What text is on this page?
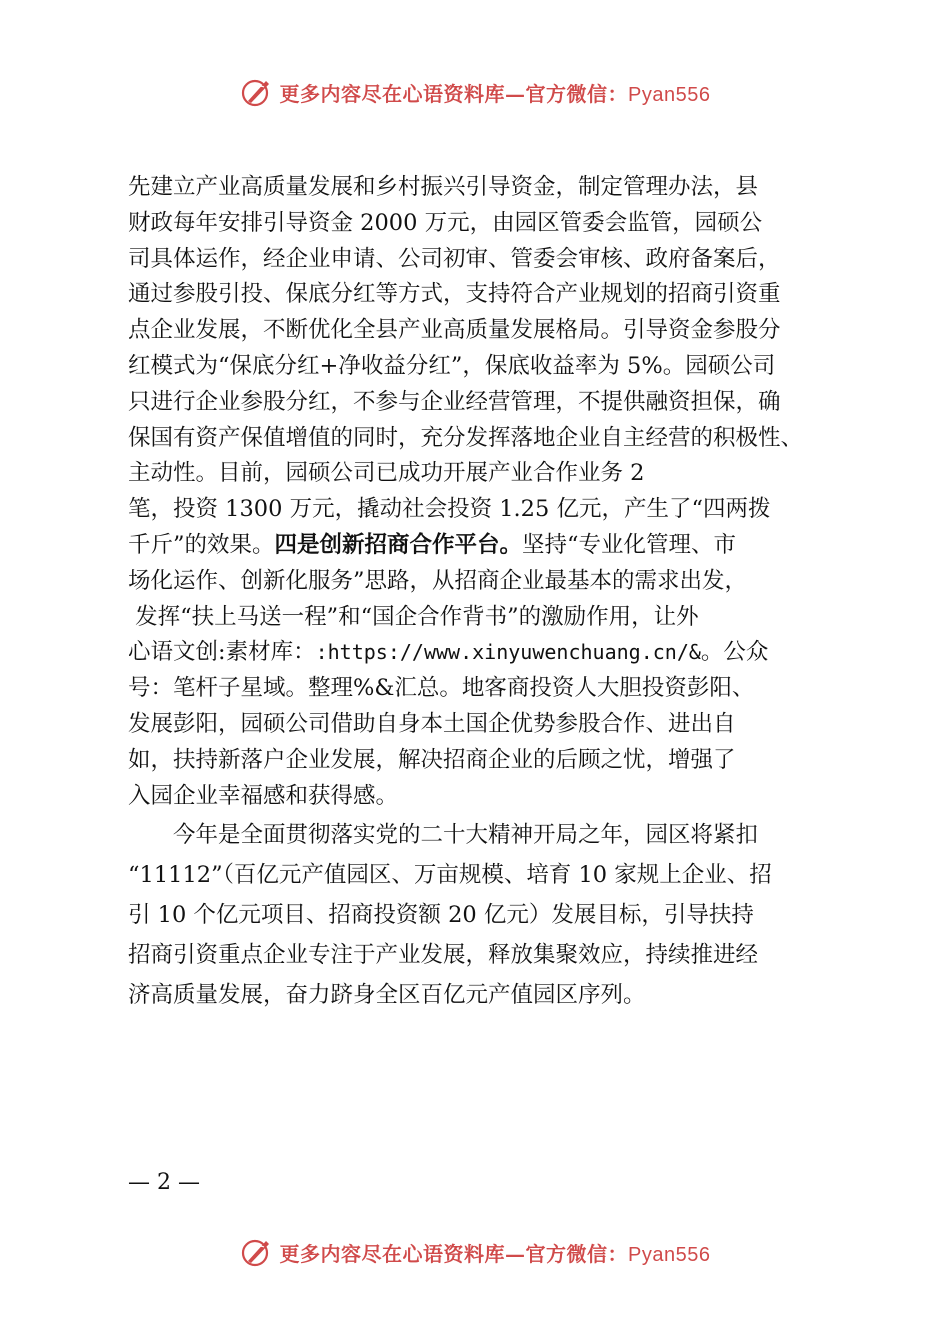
更多内容尽在心语资料库—官方微信：Pyan556
先建立产业高质量发展和乡村振兴引导资金，制定管理办法，县
财政每年安排引导资金 2000 万元，由园区管委会监管，园硕公
司具体运作，经企业申请、公司初审、管委会审核、政府备案后，
通过参股引投、保底分红等方式，支持符合产业规划的招商引资重
点企业发展，不断优化全县产业高质量发展格局。引导资金参股分
红模式为“保底分红+净收益分红”，保底收益率为 5%。园硕公司
只进行企业参股分红，不参与企业经营管理，不提供融资担保，确
保国有资产保值增值的同时，充分发挥落地企业自主经营的积极性、
主动性。目前，园硕公司已成功开展产业合作业务 2
笔，投资 1300 万元，撬动社会投资 1.25 亿元，产生了“四两拨
千斤”的效果。四是创新招商合作平台。坚持“专业化管理、市
场化运作、创新化服务”思路，从招商企业最基本的需求出发，
发挥“扶上马送一程”和“国企合作背书”的激励作用，让外
心语文创:素材库：:https://www.xinyuwenchuang.cn/&。公众
号：笔杆子星域。整理%&汇总。地客商投资人大胆投资彭阳、
发展彭阳，园硕公司借助自身本土国企优势参股合作、进出自
如，扶持新落户企业发展，解决招商企业的后顾之忧，增强了
入园企业幸福感和获得感。
今年是全面贯彻落实党的二十大精神开局之年，园区将紧扣
“11112”（百亿元产值园区、万亩规模、培育 10 家规上企业、招
引 10 个亿元项目、招商投资额 20 亿元）发展目标，引导扶持
招商引资重点企业专注于产业发展，释放集聚效应，持续推进经
济高质量发展，奋力跻身全区百亿元产值园区序列。
— 2 —
更多内容尽在心语资料库—官方微信：Pyan556
